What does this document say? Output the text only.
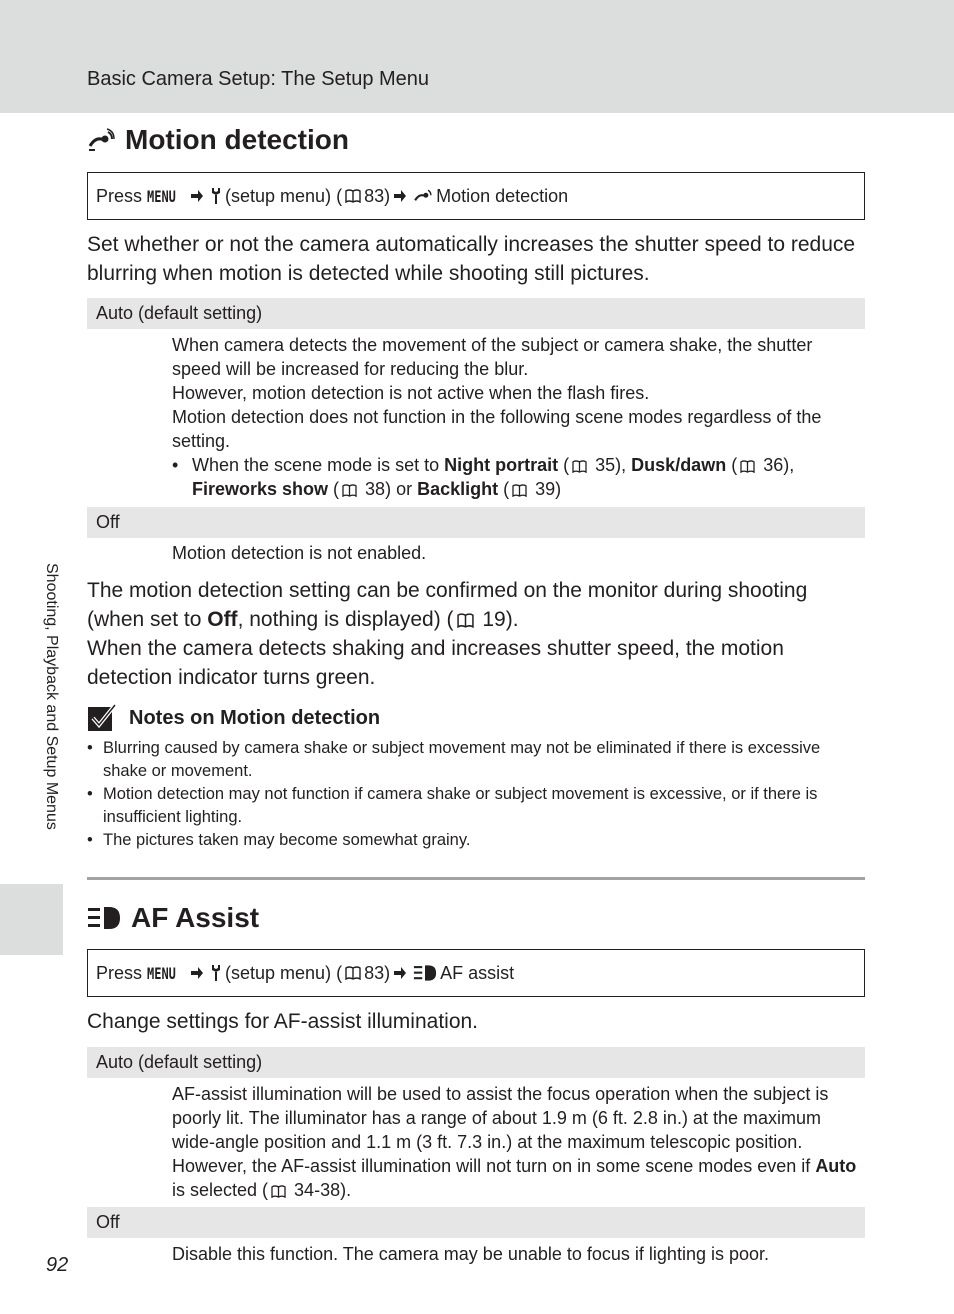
Basic Camera Setup: The Setup Menu
Shooting, Playback and Setup Menus
Motion detection
Press MENU	(setup menu) ( 83)	Motion detection

Set whether or not the camera automatically increases the shutter speed to reduce blurring when motion is detected while shooting still pictures.

Auto (default setting)

When camera detects the movement of the subject or camera shake, the shutter speed will be increased for reducing the blur.

However, motion detection is not active when the flash fires.

Motion detection does not function in the following scene modes regardless of the setting.

• When the scene mode is set to Night portrait ( 35), Dusk/dawn ( 36), Fireworks show ( 38) or Backlight ( 39)
Off
Motion detection is not enabled.

The motion detection setting can be confirmed on the monitor during shooting (when set to Off, nothing is displayed) ( 19).

When the camera detects shaking and increases shutter speed, the motion detection indicator turns green.

Notes on Motion detection
• Blurring caused by camera shake or subject movement may not be eliminated if there is excessive shake or movement.
• Motion detection may not function if camera shake or subject movement is excessive, or if there is insufficient lighting.
• The pictures taken may become somewhat grainy.
AF Assist
Press MENU	(setup menu) ( 83)	AF assist
Change settings for AF-assist illumination.
Auto (default setting)

AF-assist illumination will be used to assist the focus operation when the subject is poorly lit. The illuminator has a range of about 1.9 m (6 ft. 2.8 in.) at the maximum wide-angle position and 1.1 m (3 ft. 7.3 in.) at the maximum telescopic position.

However, the AF-assist illumination will not turn on in some scene modes even if Auto is selected ( 34-38).

Off
Disable this function. The camera may be unable to focus if lighting is poor.
92
